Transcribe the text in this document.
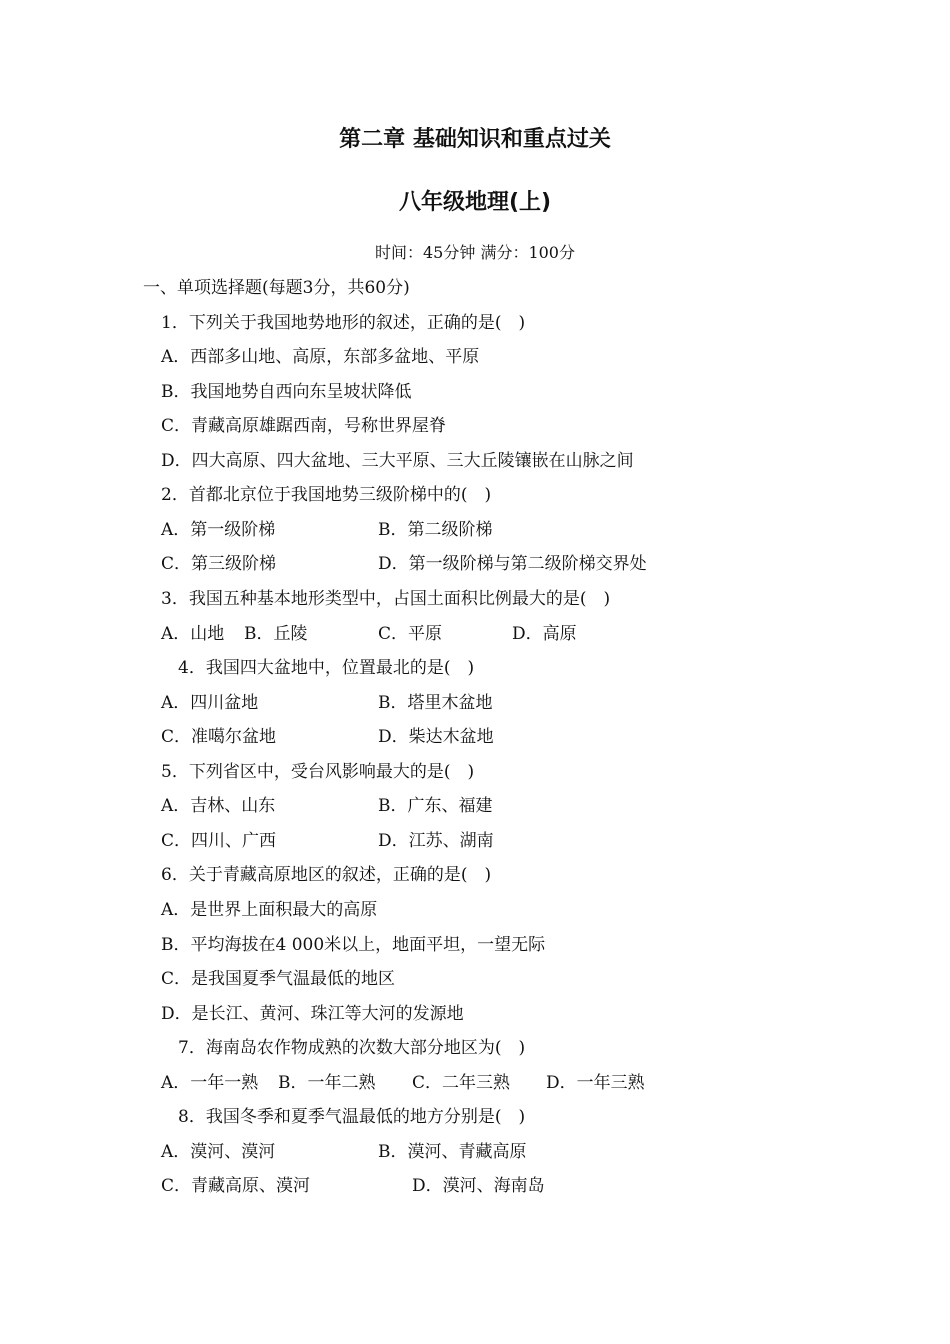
第二章 基础知识和重点过关
八年级地理(上)
时间：45分钟 满分：100分
一、单项选择题(每题3分，共60分)
1．下列关于我国地势地形的叙述，正确的是(　)
A．西部多山地、高原，东部多盆地、平原
B．我国地势自西向东呈坡状降低
C．青藏高原雄踞西南，号称世界屋脊
D．四大高原、四大盆地、三大平原、三大丘陵镶嵌在山脉之间
2．首都北京位于我国地势三级阶梯中的(　)
A．第一级阶梯	B．第二级阶梯
C．第三级阶梯	D．第一级阶梯与第二级阶梯交界处
3．我国五种基本地形类型中，占国土面积比例最大的是(　)
A．山地 B．丘陵	C．平原	D．高原
4．我国四大盆地中，位置最北的是(　)
A．四川盆地	B．塔里木盆地
C．准噶尔盆地	D．柴达木盆地
5．下列省区中，受台风影响最大的是(　)
A．吉林、山东	B．广东、福建
C．四川、广西	D．江苏、湖南
6．关于青藏高原地区的叙述，正确的是(　)
A．是世界上面积最大的高原
B．平均海拔在4 000米以上，地面平坦，一望无际
C．是我国夏季气温最低的地区
D．是长江、黄河、珠江等大河的发源地
7．海南岛农作物成熟的次数大部分地区为(　)
A．一年一熟 B．一年二熟 C．二年三熟 D．一年三熟
8．我国冬季和夏季气温最低的地方分别是(　)
A．漠河、漠河	B．漠河、青藏高原
C．青藏高原、漠河	D．漠河、海南岛
